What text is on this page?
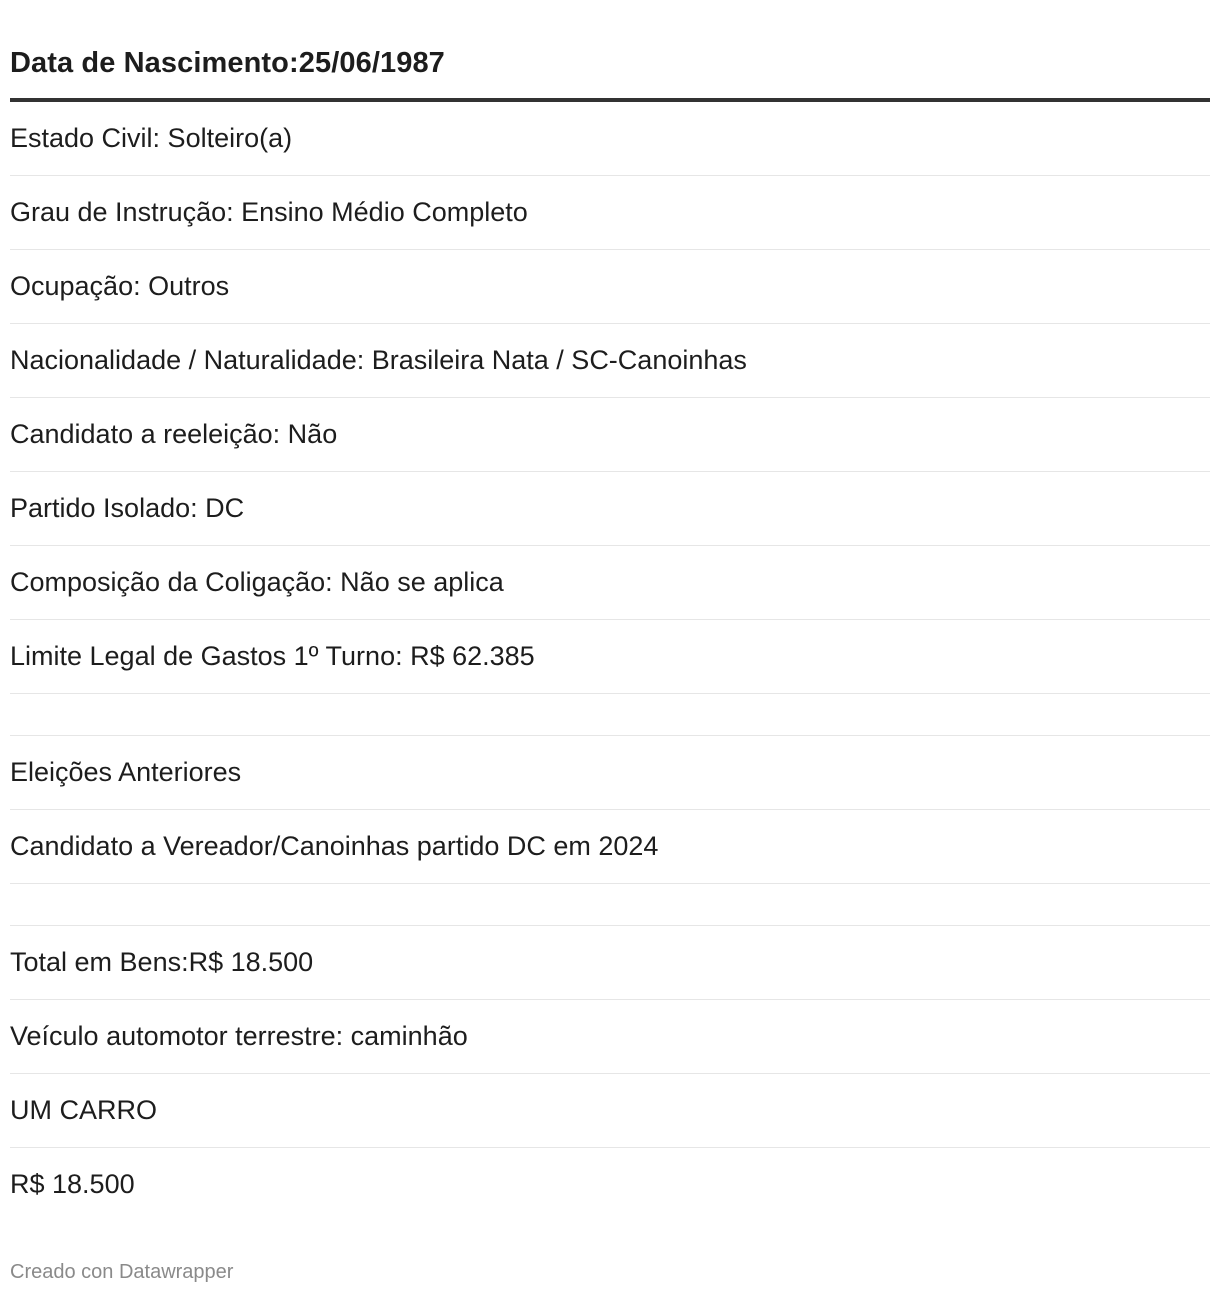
Data de Nascimento:25/06/1987
Estado Civil: Solteiro(a)
Grau de Instrução: Ensino Médio Completo
Ocupação: Outros
Nacionalidade / Naturalidade: Brasileira Nata / SC-Canoinhas
Candidato a reeleição: Não
Partido Isolado: DC
Composição da Coligação: Não se aplica
Limite Legal de Gastos 1º Turno: R$ 62.385
Eleições Anteriores
Candidato a Vereador/Canoinhas partido DC em 2024
Total em Bens:R$ 18.500
Veículo automotor terrestre: caminhão
UM CARRO
R$ 18.500
Creado con Datawrapper
